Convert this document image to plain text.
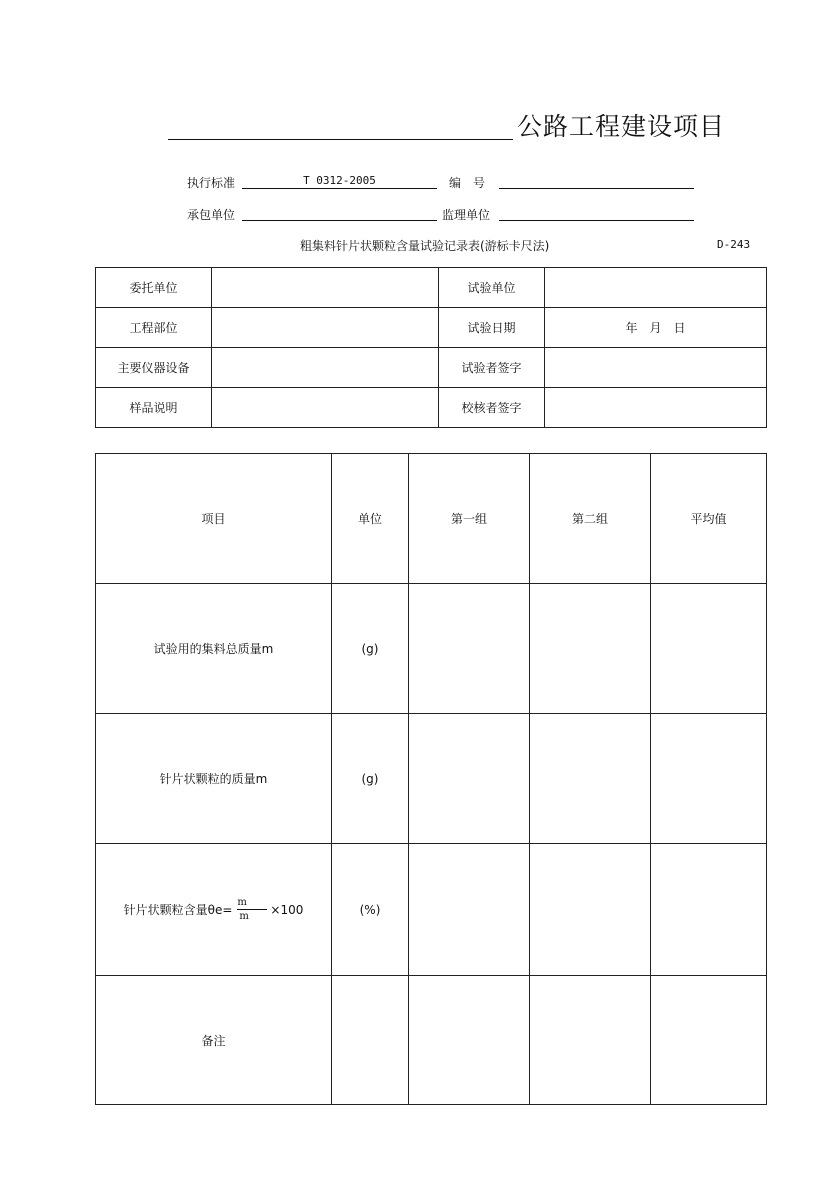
公路工程建设项目
执行标准	T 0312-2005	编　号
承包单位	监理单位
粗集料针片状颗粒含量试验记录表(游标卡尺法)	D-243
委托单位		试验单位	
工程部位		试验日期	年　月　日
主要仪器设备		试验者签字	
样品说明		校核者签字	
项目	单位	第一组	第二组	平均值
试验用的集料总质量m	(g)			
针片状颗粒的质量m	(g)			

针片状颗粒含量$\theta e= \frac{m}{m} \times 100$	(%)			
备注				
